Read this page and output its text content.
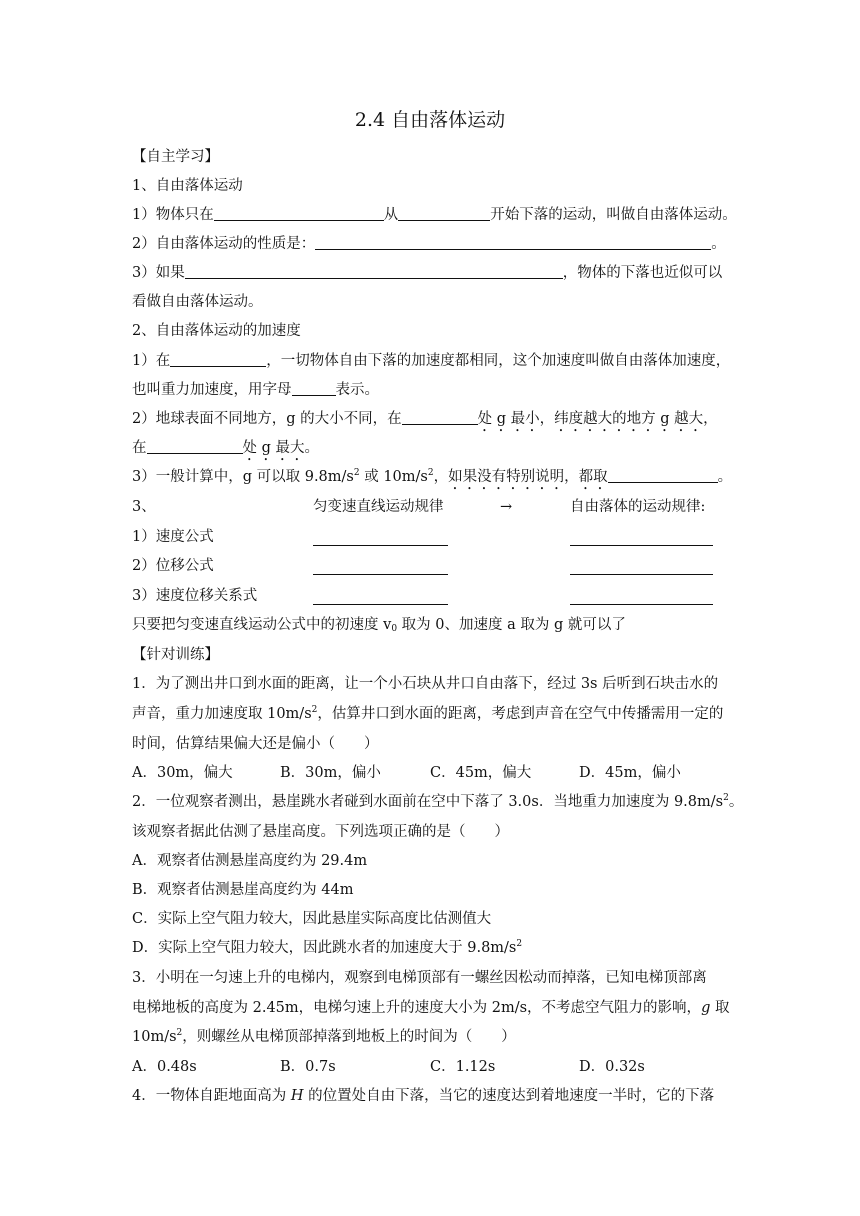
2.4 自由落体运动
【自主学习】
1、自由落体运动
1）物体只在	从	开始下落的运动，叫做自由落体运动。
2）自由落体运动的性质是：	。
3）如果	，物体的下落也近似可以
看做自由落体运动。
2、自由落体运动的加速度
1）在	，一切物体自由下落的加速度都相同，这个加速度叫做自由落体加速度，
也叫重力加速度，用字母	表示。
2）地球表面不同地方，g 的大小不同，在	处 g 最小，纬度越大的地方 g 越大，
在	处 g 最大。
3）一般计算中，g 可以取 $9.8m/s^2$ 或 $10m/s^2$，如果没有特别说明，都取	。
3、	匀变速直线运动规律	→	自由落体的运动规律:
1）速度公式
2）位移公式
3）速度位移关系式
只要把匀变速直线运动公式中的初速度 $v_0$ 取为 0、加速度 a 取为 g 就可以了
【针对训练】
1．为了测出井口到水面的距离，让一个小石块从井口自由落下，经过 3s 后听到石块击水的
声音，重力加速度取 $10m/s^2$，估算井口到水面的距离，考虑到声音在空气中传播需用一定的
时间，估算结果偏大还是偏小（　　）
A．30m，偏大	B．30m，偏小	C．45m，偏大	D．45m，偏小
2．一位观察者测出，悬崖跳水者碰到水面前在空中下落了 3.0s．当地重力加速度为 $9.8m/s^2$。
该观察者据此估测了悬崖高度。下列选项正确的是（　　）
A．观察者估测悬崖高度约为 29.4m
B．观察者估测悬崖高度约为 44m
C．实际上空气阻力较大，因此悬崖实际高度比估测值大
D．实际上空气阻力较大，因此跳水者的加速度大于 $9.8m/s^2$
3．小明在一匀速上升的电梯内，观察到电梯顶部有一螺丝因松动而掉落，已知电梯顶部离
电梯地板的高度为 2.45m，电梯匀速上升的速度大小为 2m/s，不考虑空气阻力的影响，g 取
$10m/s^2$，则螺丝从电梯顶部掉落到地板上的时间为（　　）
A．0.48s	B．0.7s	C．1.12s	D．0.32s
4．一物体自距地面高为 H 的位置处自由下落，当它的速度达到着地速度一半时，它的下落
